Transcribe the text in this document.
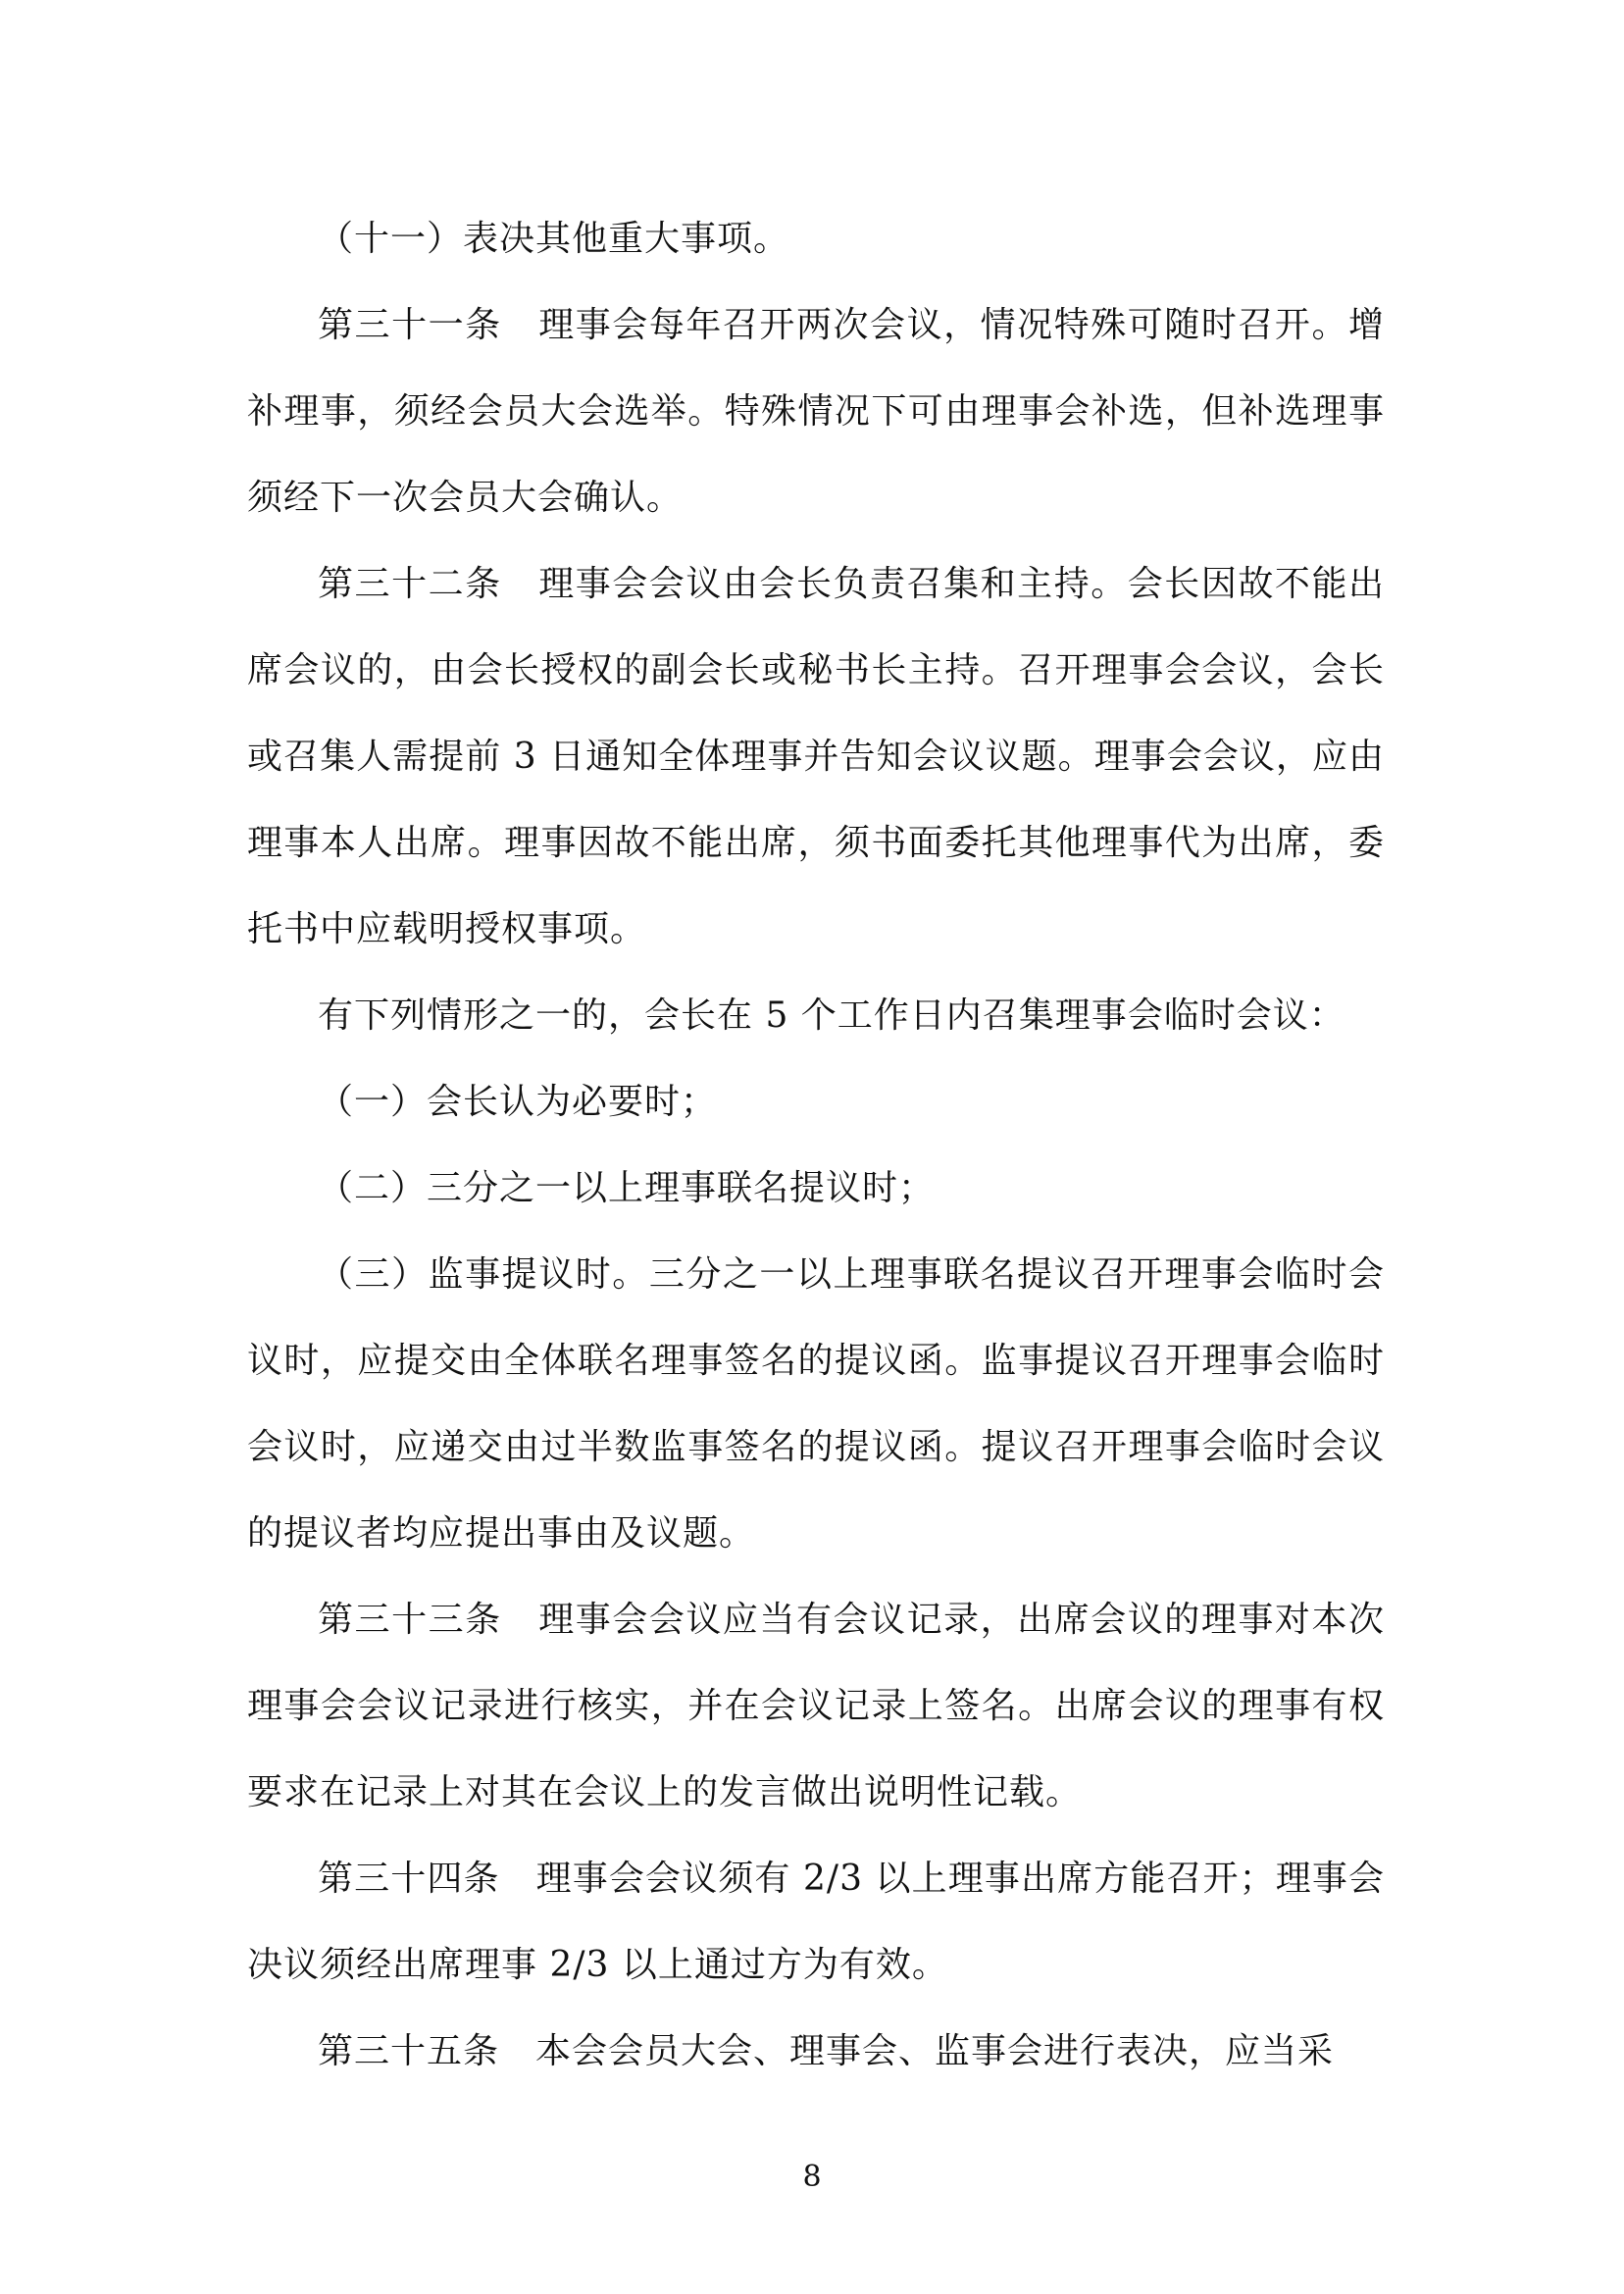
（十一）表决其他重大事项。

第三十一条　理事会每年召开两次会议，情况特殊可随时召开。增补理事，须经会员大会选举。特殊情况下可由理事会补选，但补选理事须经下一次会员大会确认。

第三十二条　理事会会议由会长负责召集和主持。会长因故不能出席会议的，由会长授权的副会长或秘书长主持。召开理事会会议，会长或召集人需提前 3 日通知全体理事并告知会议议题。理事会会议，应由理事本人出席。理事因故不能出席，须书面委托其他理事代为出席，委托书中应载明授权事项。

有下列情形之一的，会长在 5 个工作日内召集理事会临时会议：

（一）会长认为必要时；

（二）三分之一以上理事联名提议时；

（三）监事提议时。三分之一以上理事联名提议召开理事会临时会议时，应提交由全体联名理事签名的提议函。监事提议召开理事会临时会议时，应递交由过半数监事签名的提议函。提议召开理事会临时会议的提议者均应提出事由及议题。

第三十三条　理事会会议应当有会议记录，出席会议的理事对本次理事会会议记录进行核实，并在会议记录上签名。出席会议的理事有权要求在记录上对其在会议上的发言做出说明性记载。

第三十四条　理事会会议须有 2/3 以上理事出席方能召开；理事会决议须经出席理事 2/3 以上通过方为有效。

第三十五条　本会会员大会、理事会、监事会进行表决，应当采

8
